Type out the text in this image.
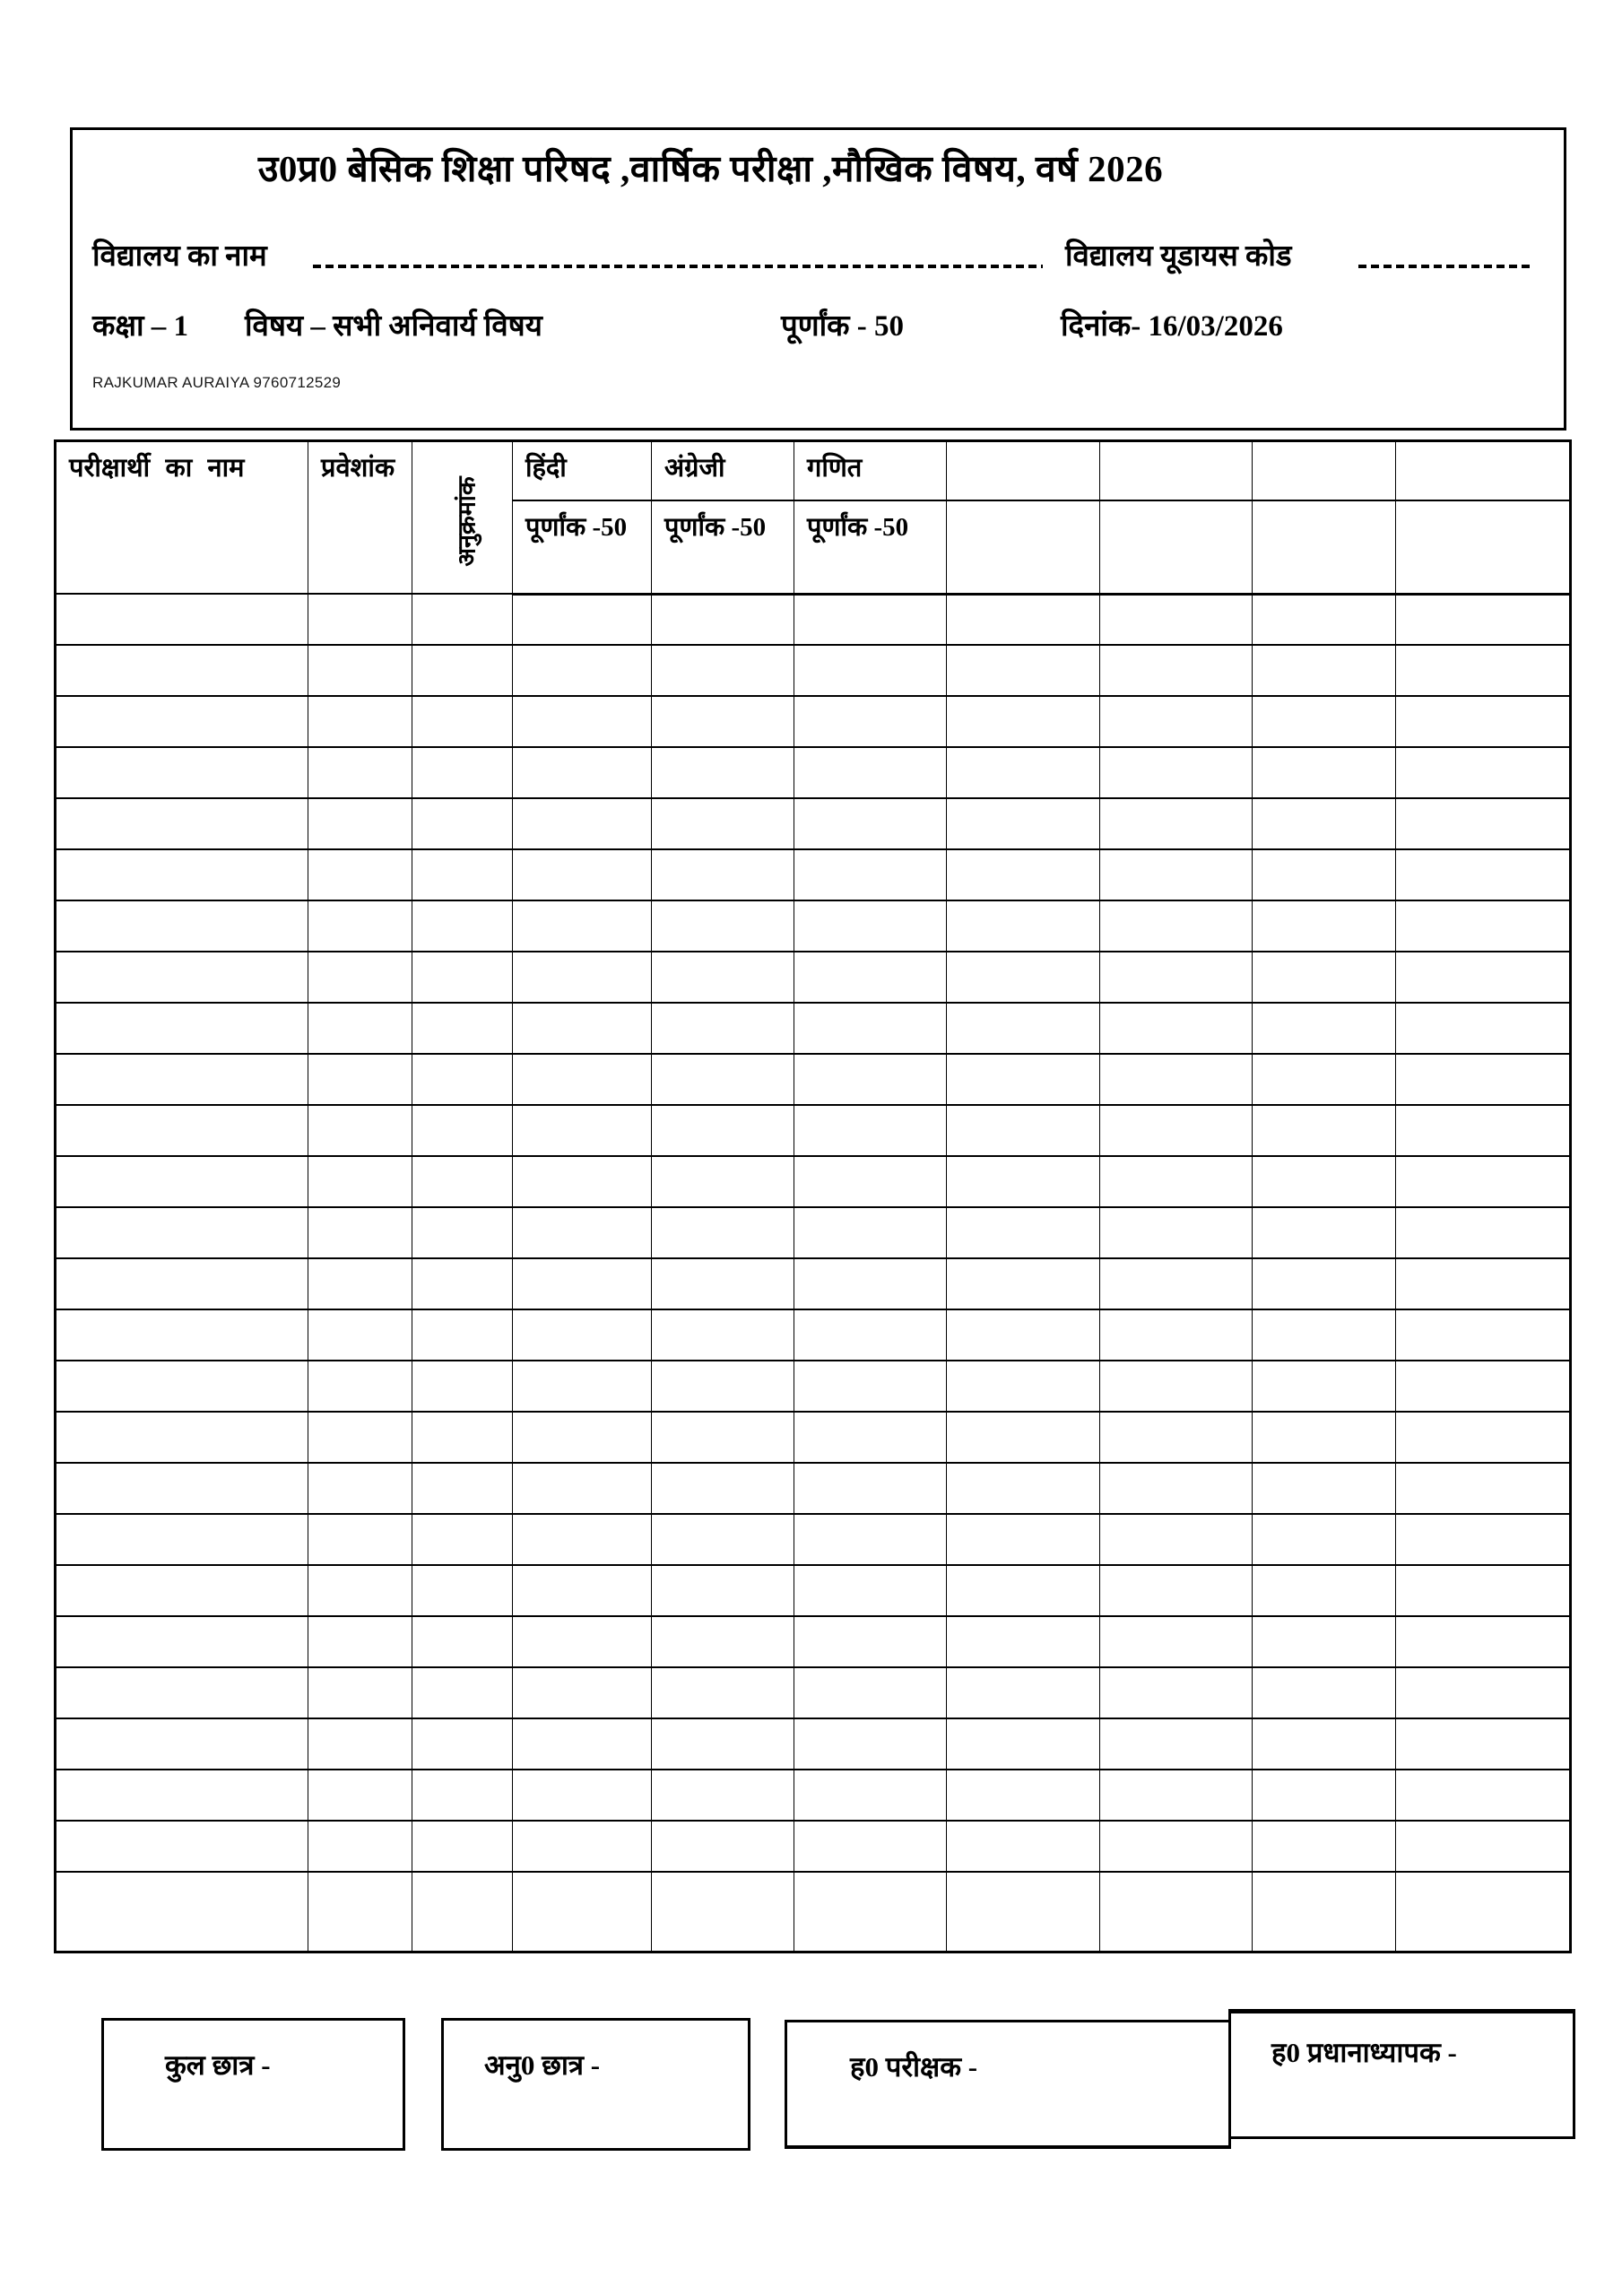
उ0प्र0 बेसिक शिक्षा परिषद ,वार्षिक परीक्षा ,मौखिक विषय, वर्ष 2026
विद्यालय का नाम	विद्यालय यूडायस कोड
कक्षा – 1 विषय – सभी अनिवार्य विषय	पूर्णांक - 50	दिनांक- 16/03/2026
RAJKUMAR AURAIYA 9760712529
परीक्षार्थी का नाम	प्रवेशांक	अनुक्रमांक	हिंदी	अंग्रेजी	गणित				
			पूर्णांक -50	पूर्णांक -50	पूर्णांक -50				

कुल छात्र -	अनु0 छात्र -	ह0 परीक्षक -	ह0 प्रधानाध्यापक -
